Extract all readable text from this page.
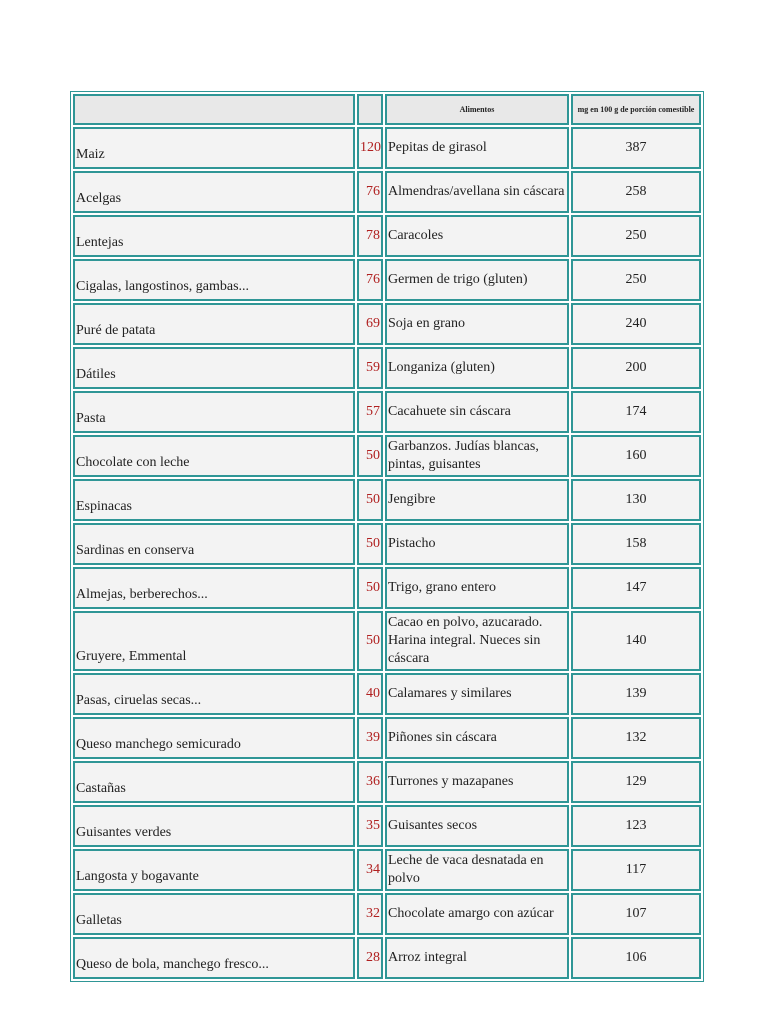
		Alimentos	mg en 100 g de porción comestible
Maiz	120	Pepitas de girasol	387
Acelgas	76	Almendras/avellana sin cáscara	258
Lentejas	78	Caracoles	250
Cigalas, langostinos, gambas...	76	Germen de trigo (gluten)	250
Puré de patata	69	Soja en grano	240
Dátiles	59	Longaniza (gluten)	200
Pasta	57	Cacahuete sin cáscara	174
Chocolate con leche	50	Garbanzos. Judías blancas, pintas, guisantes	160
Espinacas	50	Jengibre	130
Sardinas en conserva	50	Pistacho	158
Almejas, berberechos...	50	Trigo, grano entero	147
Gruyere, Emmental	50	Cacao en polvo, azucarado. Harina integral. Nueces sin cáscara	140
Pasas, ciruelas secas...	40	Calamares y similares	139
Queso manchego semicurado	39	Piñones sin cáscara	132
Castañas	36	Turrones y mazapanes	129
Guisantes verdes	35	Guisantes secos	123
Langosta y bogavante	34	Leche de vaca desnatada en polvo	117
Galletas	32	Chocolate amargo con azúcar	107
Queso de bola, manchego fresco...	28	Arroz integral	106
